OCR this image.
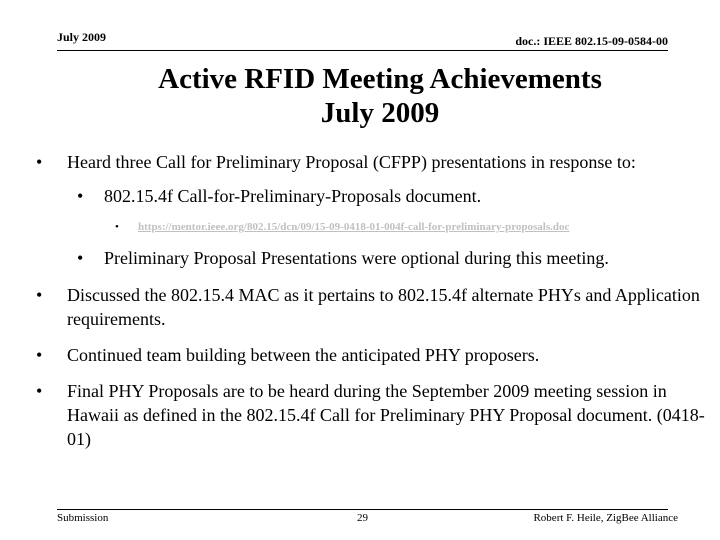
July 2009	doc.: IEEE 802.15-09-0584-00
Active RFID Meeting Achievements
July 2009
• Heard three Call for Preliminary Proposal (CFPP) presentations in response to:
• 802.15.4f Call-for-Preliminary-Proposals document.
• https://mentor.ieee.org/802.15/dcn/09/15-09-0418-01-004f-call-for-preliminary-proposals.doc
• Preliminary Proposal Presentations were optional during this meeting.
• Discussed the 802.15.4 MAC as it pertains to 802.15.4f alternate PHYs and Application requirements.
• Continued team building between the anticipated PHY proposers.
• Final PHY Proposals are to be heard during the September 2009 meeting session in Hawaii as defined in the 802.15.4f Call for Preliminary PHY Proposal document. (0418-01)
Submission	29	Robert F. Heile, ZigBee Alliance
